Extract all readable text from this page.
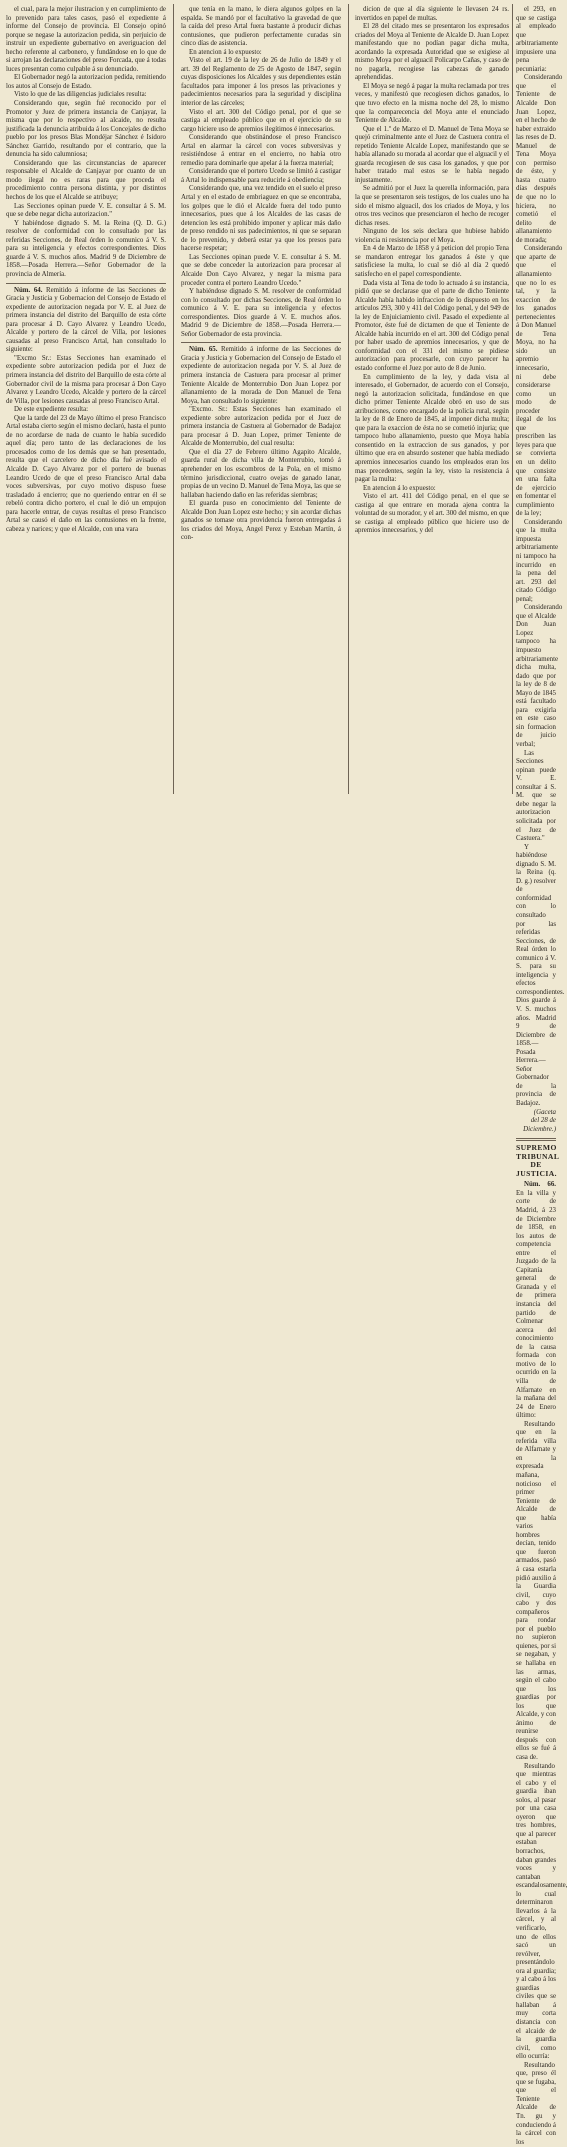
el cual, para la mejor ilustracion y en cumplimiento de lo prevenido para tales casos, pasó el expediente á informe del Consejo de provincia. El Consejo opinó porque se negase la autorizacion pedida, sin perjuicio de instruir un expediente gubernativo en averiguacion del hecho referente al carbonero, y fundándose en lo que de si arrojan las declaraciones del preso Forcada, que á todas luces presentan como culpable á su denunciado.

El Gobernador negó la autorizacion pedida, remitiendo los autos al Consejo de Estado.

Visto lo que de las diligencias judiciales resulta:

Considerando que, según fué reconocido por el Promotor y Juez de primera instancia de Canjayar, la misma que por lo respectivo al alcaide, no resulta justificada la denuncia atribuida á los Concejales de dicho pueblo por los presos Blas Mondéjar Sánchez é Isidoro Sánchez Garrido, resultando por el contrario, que la denuncia ha sido calumniosa;

Considerando que las circunstancias de aparecer responsable el Alcalde de Canjayar por cuanto de un modo ilegal no es raras para que proceda el procedimiento contra persona distinta, y por distintos hechos de los que el Alcalde se atribuye;

Las Secciones opinan puede V. E. consultar á S. M. que se debe negar dicha autorizacion."

Y habiéndose dignado S. M. la Reina (Q. D. G.) resolver de conformidad con lo consultado por las referidas Secciones, de Real órden lo comunico á V. S. para su inteligencia y efectos correspondientes. Dios guarde á V. S. muchos años. Madrid 9 de Diciembre de 1858.—Posada Herrera.—Señor Gobernador de la provincia de Almería.

Núm. 64. Remitido á informe de las Secciones de Gracia y Justicia y Gobernacion del Consejo de Estado el expediente de autorizacion negada por V. E. al Juez de primera instancia del distrito del Barquillo de esta córte para procesar á D. Cayo Alvarez y Leandro Ucedo, Alcalde y portero de la cárcel de Villa, por lesiones causadas al preso Francisco Artal, han consultado lo siguiente:

"Excmo Sr.: Estas Secciones han examinado el expediente sobre autorizacion pedida por el Juez de primera instancia del distrito del Barquillo de esta córte al Gobernador civil de la misma para procesar á Don Cayo Alvarez y Leandro Ucedo, Alcalde y portero de la cárcel de Villa, por lesiones causadas al preso Francisco Artal.

De este expediente resulta:

Que la tarde del 23 de Mayo último el preso Francisco Artal estaba cierto según el mismo declaró, hasta el punto de no acordarse de nada de cuanto le había sucedido aquel día; pero tanto de las declaraciones de los procesados como de los demás que se han presentado, resulta que el carcelero de dicho día fué avisado el Alcalde D. Cayo Alvarez por el portero de buenas Leandro Ucedo de que el preso Francisco Artal daba voces subversivas, por cuyo motivo dispuso fuese trasladado á encierro; que no queriendo entrar en él se rebeló contra dicho portero, el cual le dió un empujon para hacerle entrar, de cuyas resultas el preso Francisco Artal se causó el daño en las contusiones en la frente, cabeza y narices; y que el Alcalde, con una vara

que tenía en la mano, le diera algunos golpes en la espalda. Se mandó por el facultativo la gravedad de que la caída del preso Artal fuera bastante á producir dichas contusiones, que pudieron perfectamente curadas sin cinco días de asistencia.

En atencion á lo expuesto:

Visto el art. 19 de la ley de 26 de Julio de 1849 y el art. 39 del Reglamento de 25 de Agosto de 1847, según cuyas disposiciones los Alcaldes y sus dependientes están facultados para imponer á los presos las privaciones y padecimientos necesarios para la seguridad y disciplina interior de las cárceles;

Visto el art. 300 del Código penal, por el que se castiga al empleado público que en el ejercicio de su cargo hiciere uso de apremios ilegítimos é innecesarios.

Considerando que obstinándose el preso Francisco Artal en alarmar la cárcel con voces subversivas y resistiéndose á entrar en el encierro, no había otro remedio para dominarle que apelar á la fuerza material;

Considerando que el portero Ucedo se limitó á castigar á Artal lo indispensable para reducirle á obediencia;

Considerando que, una vez tendido en el suelo el preso Artal y en el estado de embriaguez en que se encontraba, los golpes que le dió el Alcalde fuera del todo punto innecesarios, pues que á los Alcaldes de las casas de detencion les está prohibido imponer y aplicar más daño de preso rendido ni sus padecimientos, ni que se separan de lo prevenido, y deberá estar ya que los presos para hacerse respetar;

Las Secciones opinan puede V. E. consultar á S. M. que se debe conceder la autorizacion para procesar al Alcaide Don Cayo Alvarez, y negar la misma para proceder contra el portero Leandro Ucedo."

Y habiéndose dignado S. M. resolver de conformidad con lo consultado por dichas Secciones, de Real órden lo comunico á V. E. para su inteligencia y efectos correspondientes. Dios guarde á V. E. muchos años. Madrid 9 de Diciembre de 1858.—Posada Herrera.—Señor Gobernador de esta provincia.

Núm. 65. Remitido á informe de las Secciones de Gracia y Justicia y Gobernacion del Consejo de Estado el expediente de autorizacion negada por V. S. al Juez de primera instancia de Castuera para procesar al primer Teniente Alcalde de Monterrubio Don Juan Lopez por allanamiento de la morada de Don Manuel de Tena Moya, han consultado lo siguiente:

"Excmo. Sr.: Estas Secciones han examinado el expediente sobre autorizacion pedida por el Juez de primera instancia de Castuera al Gobernador de Badajoz para procesar á D. Juan Lopez, primer Teniente de Alcalde de Monterrubio, del cual resulta:

Que el día 27 de Febrero último Agapito Alcalde, guarda rural de dicha villa de Monterrubio, tomó á aprehender en los escombros de la Pola, en el mismo término jurisdiccional, cuatro ovejas de ganado lanar, propias de un vecino D. Manuel de Tena Moya, las que se hallaban haciendo daño en las referidas siembras;

El guarda puso en conocimiento del Teniente de Alcalde Don Juan Lopez este hecho; y sin acordar dichas ganados se tomase otra providencia fueron entregadas á los criados del Moya, Angel Perez y Esteban Martín, á con-

dicion de que al día siguiente le llevasen 24 rs. invertidos en papel de multas.

El 28 del citado mes se presentaron los expresados criados del Moya al Teniente de Alcalde D. Juan Lopez manifestando que no podían pagar dicha multa, acordando la expresada Autoridad que se exigiese al mismo Moya por el alguacil Policarpo Cañas, y caso de no pagarla, recogiese las cabezas de ganado aprehendidas.

El Moya se negó á pagar la multa reclamada por tres veces, y manifestó que recogiesen dichos ganados, lo que tuvo efecto en la misma noche del 28, lo mismo que la comparecencia del Moya ante el enunciado Teniente de Alcalde.

Que el 1.º de Marzo el D. Manuel de Tena Moya se quejó criminalmente ante el Juez de Castuera contra el repetido Teniente Alcalde Lopez, manifestando que se había allanado su morada al acordar que el alguacil y el guarda recogiesen de sus casa los ganados, y que por haber tratado mal estos se le había negado injustamente.

Se admitió por el Juez la querella información, para la que se presentaron seis testigos, de los cuales uno ha sido el mismo alguacil, dos los criados de Moya, y los otros tres vecinos que presenciaron el hecho de recoger dichas reses.

Ninguno de los seis declara que hubiese habido violencia ni resistencia por el Moya.

En 4 de Marzo de 1858 y á peticion del propio Tena se mandaron entregar los ganados á éste y que satisficiese la multa, lo cual se dió al día 2 quedó satisfecho en el papel correspondiente.

Dada vista al Tena de todo lo actuado á su instancia, pidió que se declarase que el parte de dicho Teniente Alcalde había habido infraccion de lo dispuesto en los artículos 293, 300 y 411 del Código penal, y del 949 de la ley de Enjuiciamiento civil. Pasado el expediente al Promotor, éste fué de dictamen de que el Teniente de Alcalde había incurrido en el art. 300 del Código penal por haber usado de apremios innecesarios, y que de conformidad con el 331 del mismo se pidiese autorizacion para procesarle, con cuyo parecer ha estado conforme el Juez por auto de 8 de Junio.

En cumplimiento de la ley, y dada vista al interesado, el Gobernador, de acuerdo con el Consejo, negó la autorizacion solicitada, fundándose en que dicho primer Teniente Alcalde obró en uso de sus atribuciones, como encargado de la policía rural, según la ley de 8 de Enero de 1845, al imponer dicha multa; que para la exaccion de ésta no se cometió injuria; que tampoco hubo allanamiento, puesto que Moya había consentido en la extraccion de sus ganados, y por último que era en absurdo sostener que había mediado apremios innecesarios cuando los empleados eran los mas precedentes, según la ley, visto la resistencia á pagar la multa:

En atencion á lo expuesto:

Visto el art. 411 del Código penal, en el que se castiga al que entrare en morada ajena contra la voluntad de su morador, y el art. 300 del mismo, en que se castiga al empleado público que hiciere uso de apremios innecesarios, y del

el 293, en que se castiga al empleado que arbitrariamente impusiere una pena pecuniaria:

Considerando que el Teniente de Alcalde Don Juan Lopez, en el hecho de haber extraido las reses de D. Manuel de Tena Moya con permiso de éste, y hasta cuatro días después de que no lo hiciera, no cometió el delito de allanamiento de morada;

Considerando que aparte de que el allanamiento que no lo es tal, y la exaccion de los ganados pertenecientes á Don Manuel de Tena Moya, no ha sido un apremio innecesario, ni debe considerarse como un modo de proceder ilegal de los que prescriben las leyes para que se convierta en un delito que consiste en una falta de ejercicio en fomentar el cumplimiento de la ley;

Considerando que la multa impuesta arbitrariamente ni tampoco ha incurrido en la pena del art. 293 del citado Código penal;

Considerando que el Alcalde Don Juan Lopez tampoco ha impuesto arbitrariamente dicha multa, dado que por la ley de 8 de Mayo de 1845 está facultado para exigirla en este caso sin formacion de juicio verbal;

Las Secciones opinan puede V. E. consultar á S. M. que se debe negar la autorizacion solicitada por el Juez de Castuera."

Y habiéndose dignado S. M. la Reina (q. D. g.) resolver de conformidad con lo consultado por las referidas Secciones, de Real órden lo comunico á V. S. para su inteligencia y efectos correspondientes. Dios guarde á V. S. muchos años. Madrid 9 de Diciembre de 1858.—Posada Herrera.—Señor Gobernador de la provincia de Badajoz.

(Gaceta del 28 de Diciembre.)

SUPREMO TRIBUNAL DE JUSTICIA.

Núm. 66. En la villa y corte de Madrid, á 23 de Diciembre de 1858, en los autos de competencia entre el Juzgado de la Capitanía general de Granada y el de primera instancia del partido de Colmenar acerca del conocimiento de la causa formada con motivo de lo ocurrido en la villa de Alfarnate en la mañana del 24 de Enero último:

Resultando que en la referida villa de Alfarnate y en la expresada mañana, noticioso el primer Teniente de Alcalde de que había varios hombres decían, tenido que fueron armados, pasó á casa estarla pidió auxilio á la Guardia civil, cuyo cabo y dos compañeros para rondar por el pueblo no supieron quienes, por si se negaban, y se hallaba en las armas, según el cabo que los guardias por los que Alcalde, y con ánimo de reunirse después con ellos se fué á casa de.

Resultando que mientras el cabo y el guardia iban solos, al pasar por una casa oyeron que tres hombres, que al parecer estaban borrachos, daban grandes voces y cantaban escandalosamente, lo cual determinaron llevarlos á la cárcel, y al verificarlo, uno de ellos sacó un revólver, presentándolo ora al guardia; y al cabo á los guardias civiles que se hallaban á muy corta distancia con el alcaide de la guardia civil, como ello ocurría:

Resultando que, preso él que se fugaba, que el Teniente Alcalde de Tn. gu y conduciendo á la cárcel con los
